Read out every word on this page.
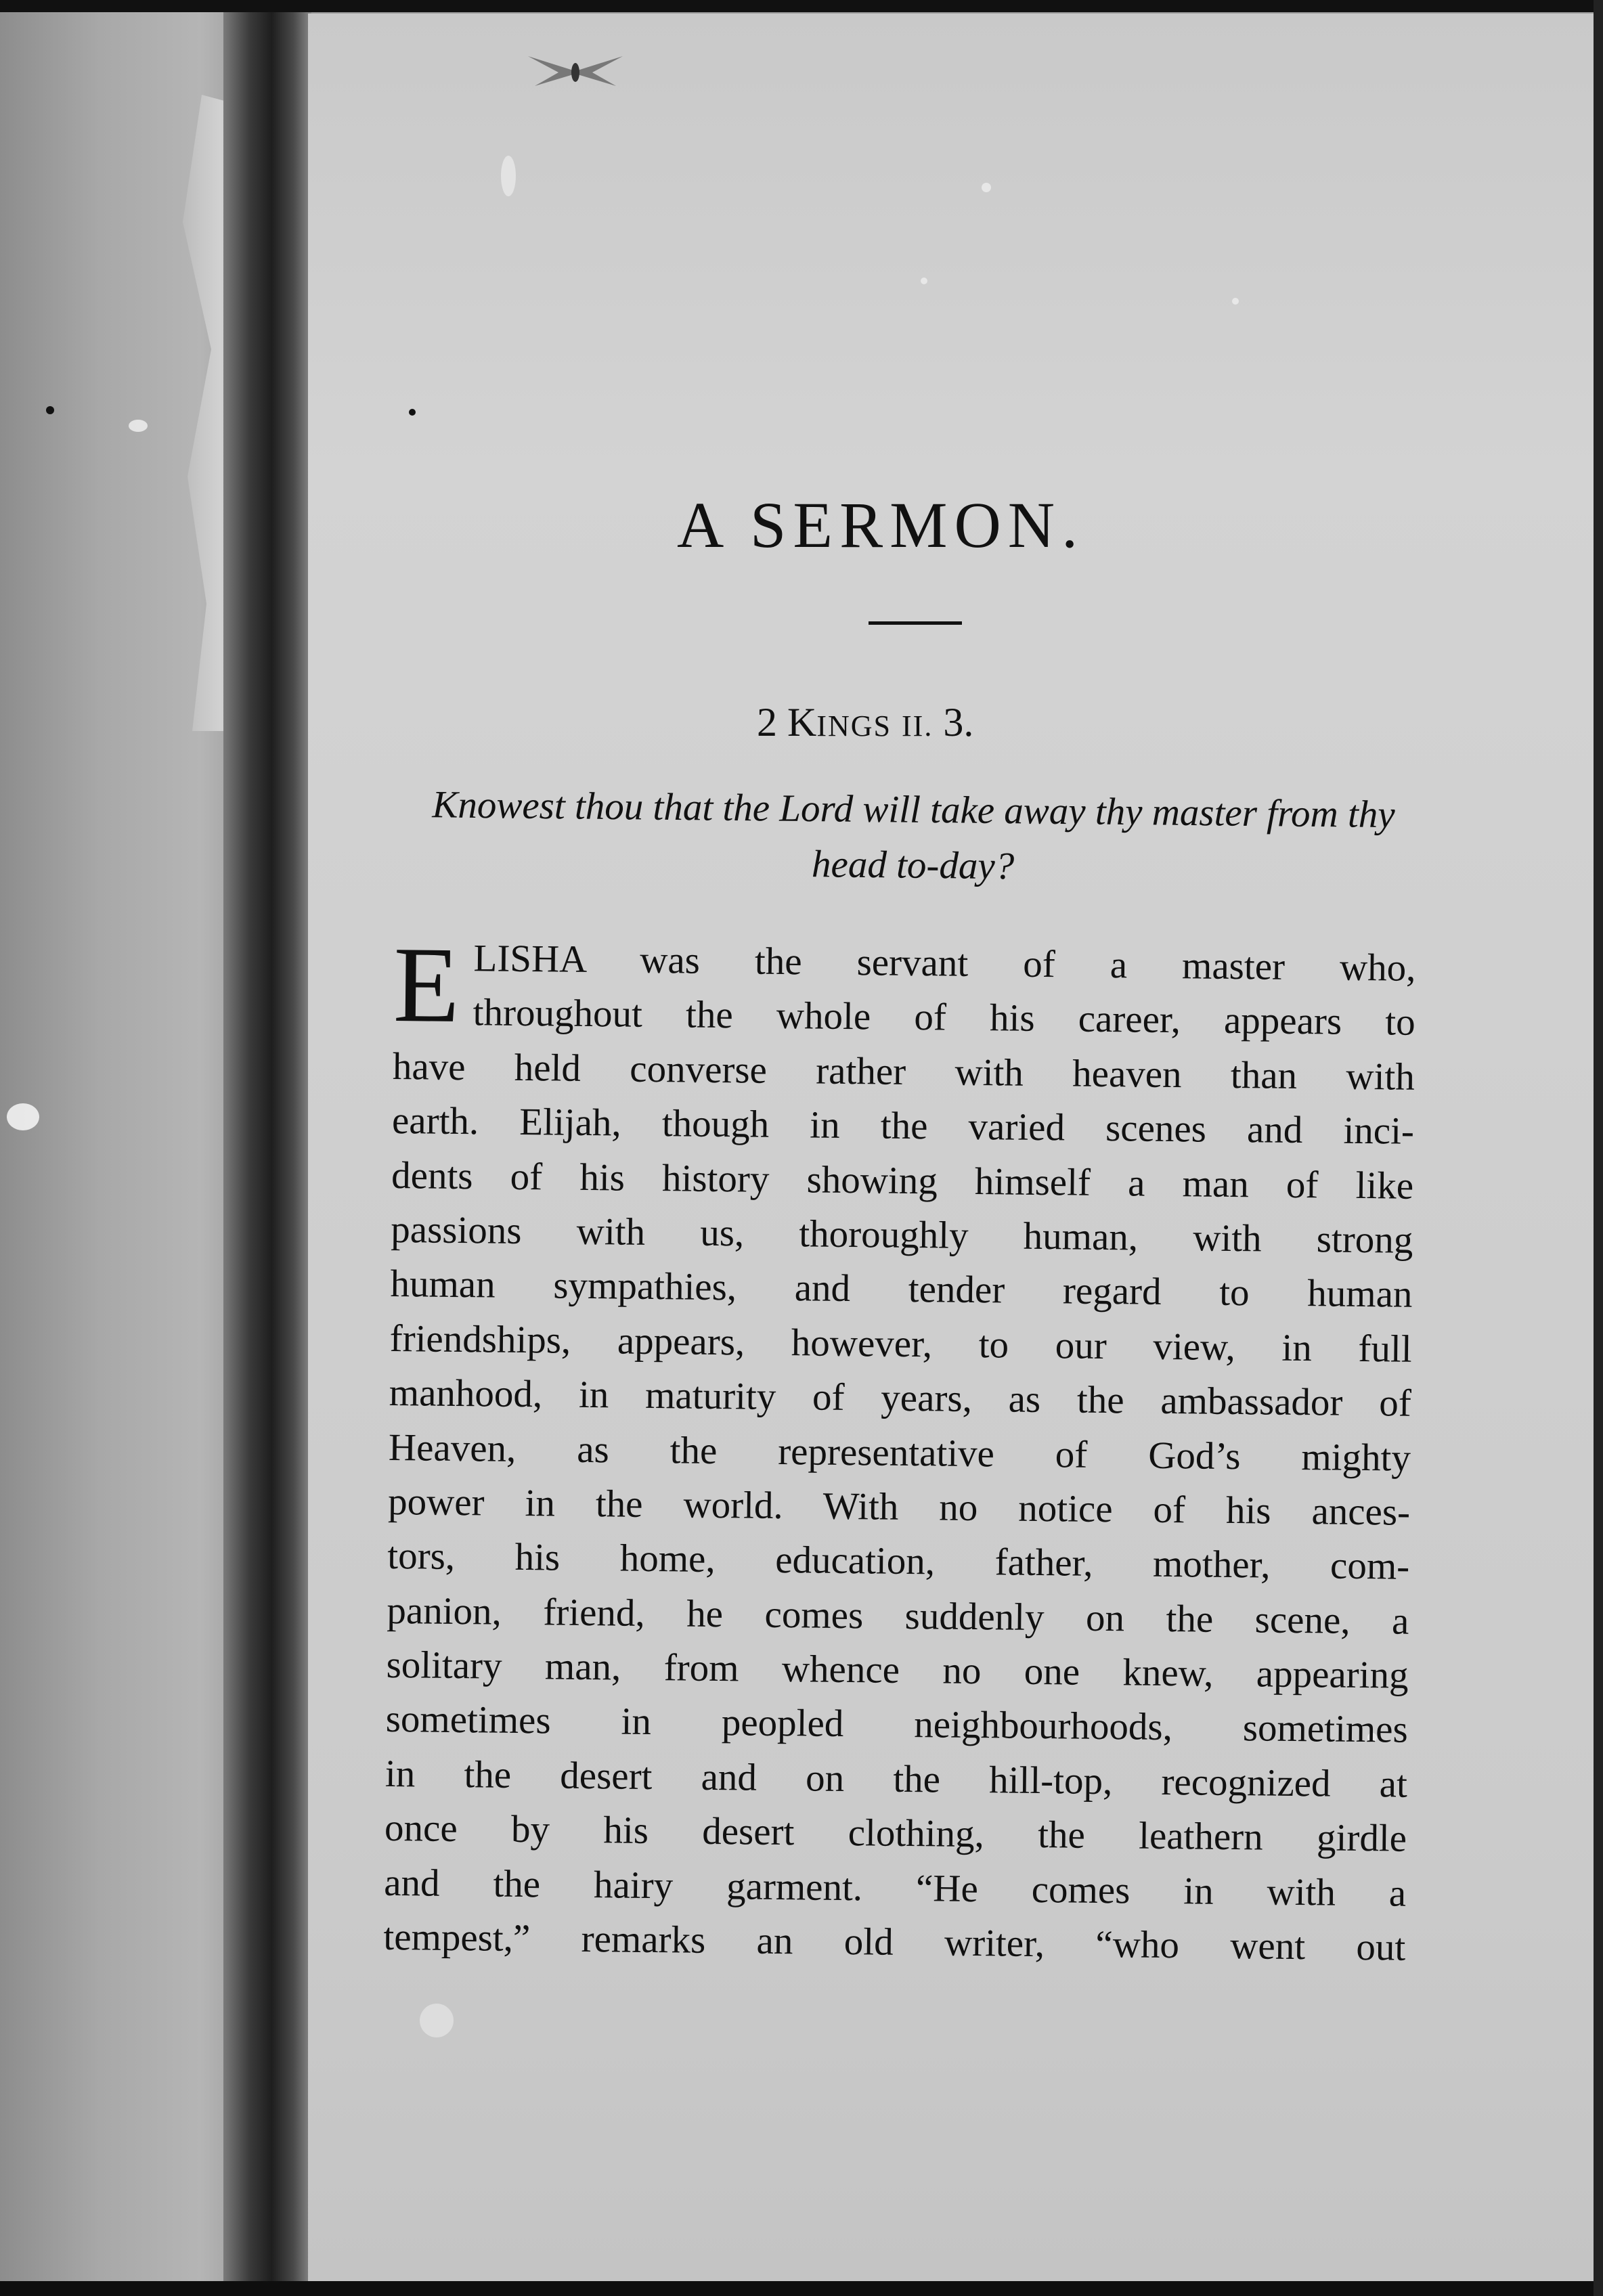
A SERMON.
2 KINGS II. 3.
Knowest thou that the Lord will take away thy master from thy head to-day?
E LISHA was the servant of a master who,
throughout the whole of his career, appears to
have held converse rather with heaven than with
earth. Elijah, though in the varied scenes and inci-
dents of his history showing himself a man of like
passions with us, thoroughly human, with strong
human sympathies, and tender regard to human
friendships, appears, however, to our view, in full
manhood, in maturity of years, as the ambassador of
Heaven, as the representative of God’s mighty
power in the world. With no notice of his ances-
tors, his home, education, father, mother, com-
panion, friend, he comes suddenly on the scene, a
solitary man, from whence no one knew, appearing
sometimes in peopled neighbourhoods, sometimes
in the desert and on the hill-top, recognized at
once by his desert clothing, the leathern girdle
and the hairy garment. “He comes in with a
tempest,” remarks an old writer, “who went out
